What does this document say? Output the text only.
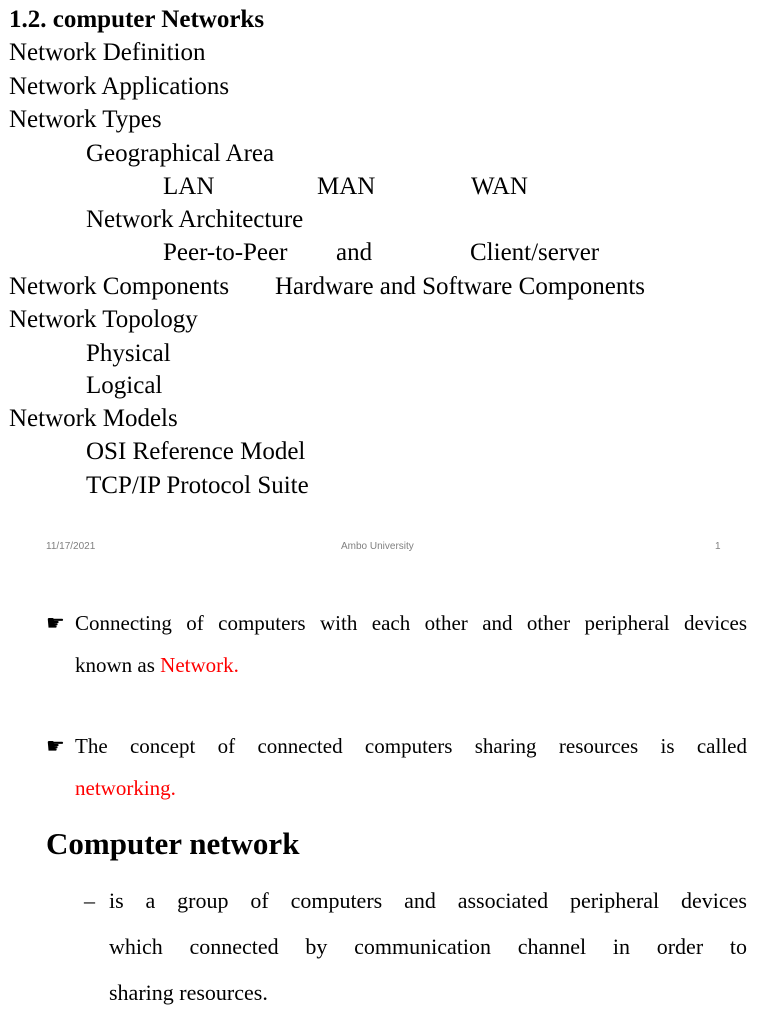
1.2. computer Networks
Network Definition
Network Applications
Network Types
Geographical Area
LAN	MAN	WAN
Network Architecture
Peer-to-Peer and	Client/server
Network Components Hardware and Software Components
Network Topology
Physical
Logical
Network Models
OSI Reference Model
TCP/IP Protocol Suite
11/17/2021	Ambo University	1
☛ Connecting of computers with each other and other peripheral devices
known as Network.
☛ The concept of connected computers sharing resources is called
networking.
Computer network
– is a group of computers and associated peripheral devices
which connected by communication channel in order to
sharing resources.
